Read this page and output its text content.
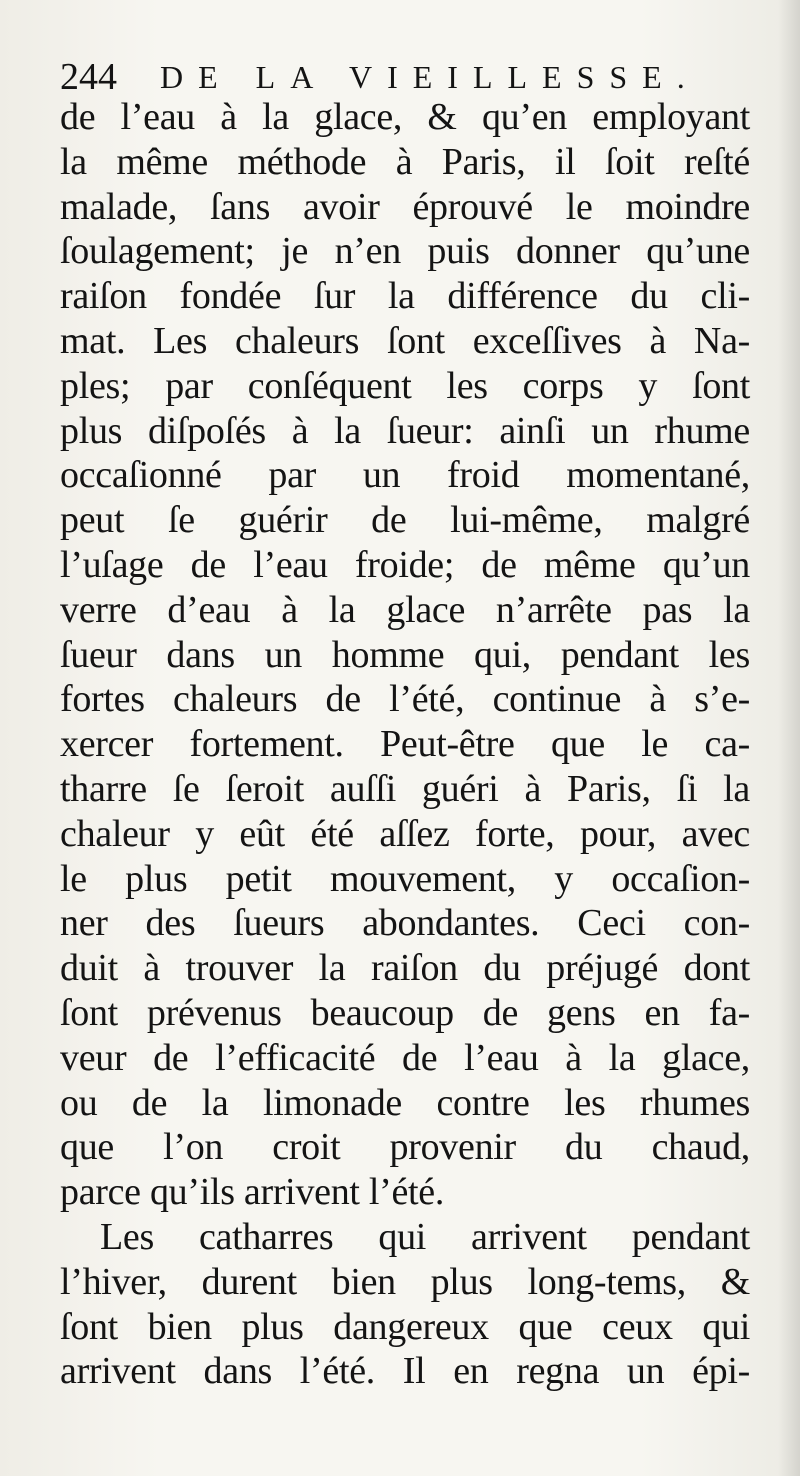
244 DE LA VIEILLESSE.
de l’eau à la glace, & qu’en employant
la même méthode à Paris, il ſoit reſté
malade, ſans avoir éprouvé le moindre
ſoulagement; je n’en puis donner qu’une
raiſon fondée ſur la différence du cli-
mat. Les chaleurs ſont exceſſives à Na-
ples; par conſéquent les corps y ſont
plus diſpoſés à la ſueur: ainſi un rhume
occaſionné par un froid momentané,
peut ſe guérir de lui-même, malgré
l’uſage de l’eau froide; de même qu’un
verre d’eau à la glace n’arrête pas la
ſueur dans un homme qui, pendant les
fortes chaleurs de l’été, continue à s’e-
xercer fortement. Peut-être que le ca-
tharre ſe ſeroit auſſi guéri à Paris, ſi la
chaleur y eût été aſſez forte, pour, avec
le plus petit mouvement, y occaſion-
ner des ſueurs abondantes. Ceci con-
duit à trouver la raiſon du préjugé dont
ſont prévenus beaucoup de gens en fa-
veur de l’efficacité de l’eau à la glace,
ou de la limonade contre les rhumes
que l’on croit provenir du chaud,
parce qu’ils arrivent l’été.
Les catharres qui arrivent pendant
l’hiver, durent bien plus long-tems, &
ſont bien plus dangereux que ceux qui
arrivent dans l’été. Il en regna un épi-
